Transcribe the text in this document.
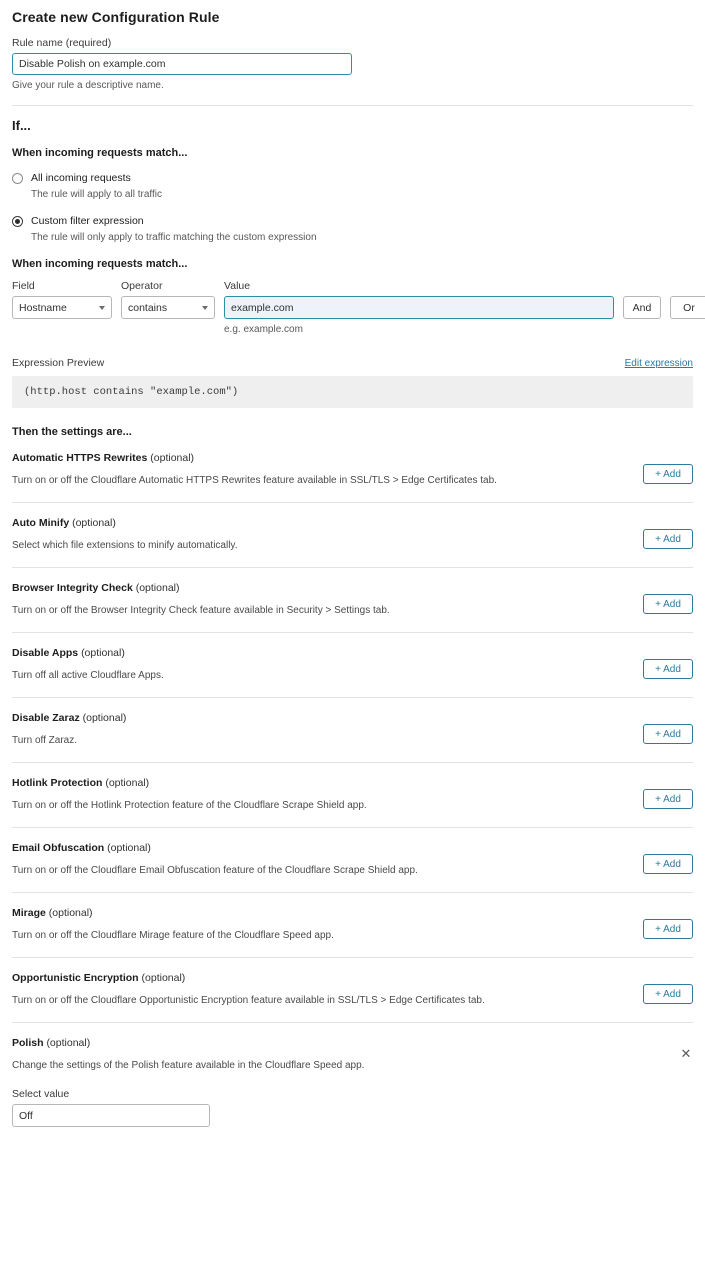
Create new Configuration Rule
Rule name (required)
Disable Polish on example.com
Give your rule a descriptive name.
If...
When incoming requests match...
All incoming requests
The rule will apply to all traffic
Custom filter expression
The rule will only apply to traffic matching the custom expression
When incoming requests match...
Field
Hostname
Operator
contains
Value
example.com
e.g. example.com

And
	Or
Expression Preview	Edit expression
(http.host contains "example.com")
Then the settings are...
Automatic HTTPS Rewrites (optional)
Turn on or off the Cloudflare Automatic HTTPS Rewrites feature available in SSL/TLS > Edge Certificates tab.
+ Add
Auto Minify (optional)
Select which file extensions to minify automatically.
+ Add
Browser Integrity Check (optional)
Turn on or off the Browser Integrity Check feature available in Security > Settings tab.
+ Add
Disable Apps (optional)
Turn off all active Cloudflare Apps.
+ Add
Disable Zaraz (optional)
Turn off Zaraz.
+ Add
Hotlink Protection (optional)
Turn on or off the Hotlink Protection feature of the Cloudflare Scrape Shield app.
+ Add
Email Obfuscation (optional)
Turn on or off the Cloudflare Email Obfuscation feature of the Cloudflare Scrape Shield app.
+ Add
Mirage (optional)
Turn on or off the Cloudflare Mirage feature of the Cloudflare Speed app.
+ Add
Opportunistic Encryption (optional)
Turn on or off the Cloudflare Opportunistic Encryption feature available in SSL/TLS > Edge Certificates tab.
+ Add
Polish (optional)
Change the settings of the Polish feature available in the Cloudflare Speed app.
✕
Select value
Off
